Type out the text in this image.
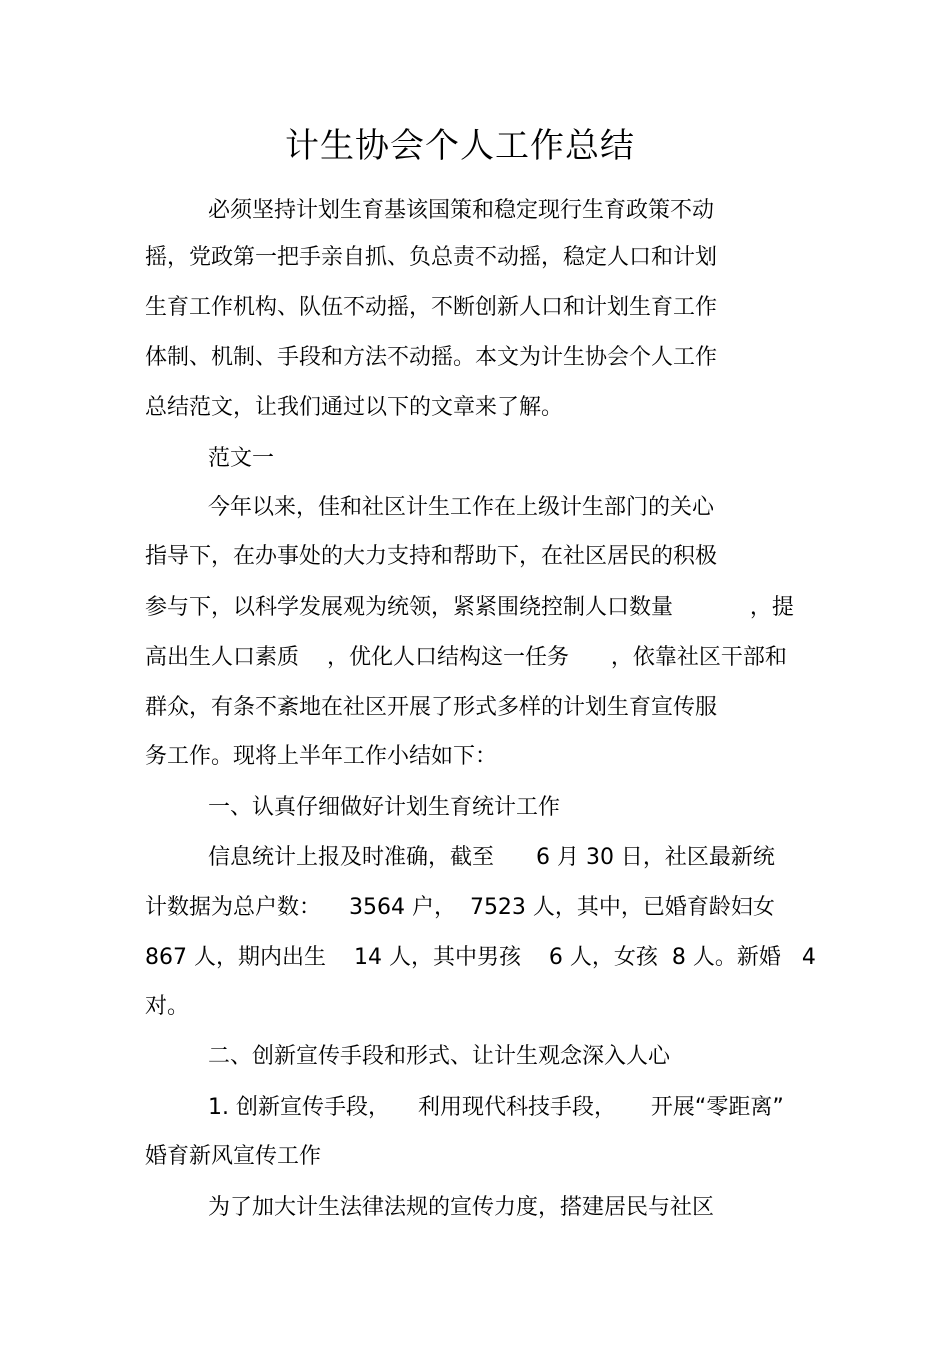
计生协会个人工作总结
必须坚持计划生育基该国策和稳定现行生育政策不动
摇，党政第一把手亲自抓、负总责不动摇，稳定人口和计划
生育工作机构、队伍不动摇，不断创新人口和计划生育工作
体制、机制、手段和方法不动摇。本文为计生协会个人工作
总结范文，让我们通过以下的文章来了解。
范文一
今年以来，佳和社区计生工作在上级计生部门的关心
指导下，在办事处的大力支持和帮助下，在社区居民的积极
参与下，以科学发展观为统领，紧紧围绕控制人口数量           ，提
高出生人口素质    ，优化人口结构这一任务      ，依靠社区干部和
群众，有条不紊地在社区开展了形式多样的计划生育宣传服
务工作。现将上半年工作小结如下：
一、认真仔细做好计划生育统计工作
信息统计上报及时准确，截至      6 月 30 日，社区最新统
计数据为总户数：    3564 户，  7523 人，其中，已婚育龄妇女
867 人，期内出生    14 人，其中男孩    6 人，女孩  8 人。新婚   4
对。
二、创新宣传手段和形式、让计生观念深入人心
1. 创新宣传手段，    利用现代科技手段，     开展“零距离”
婚育新风宣传工作
为了加大计生法律法规的宣传力度，搭建居民与社区
